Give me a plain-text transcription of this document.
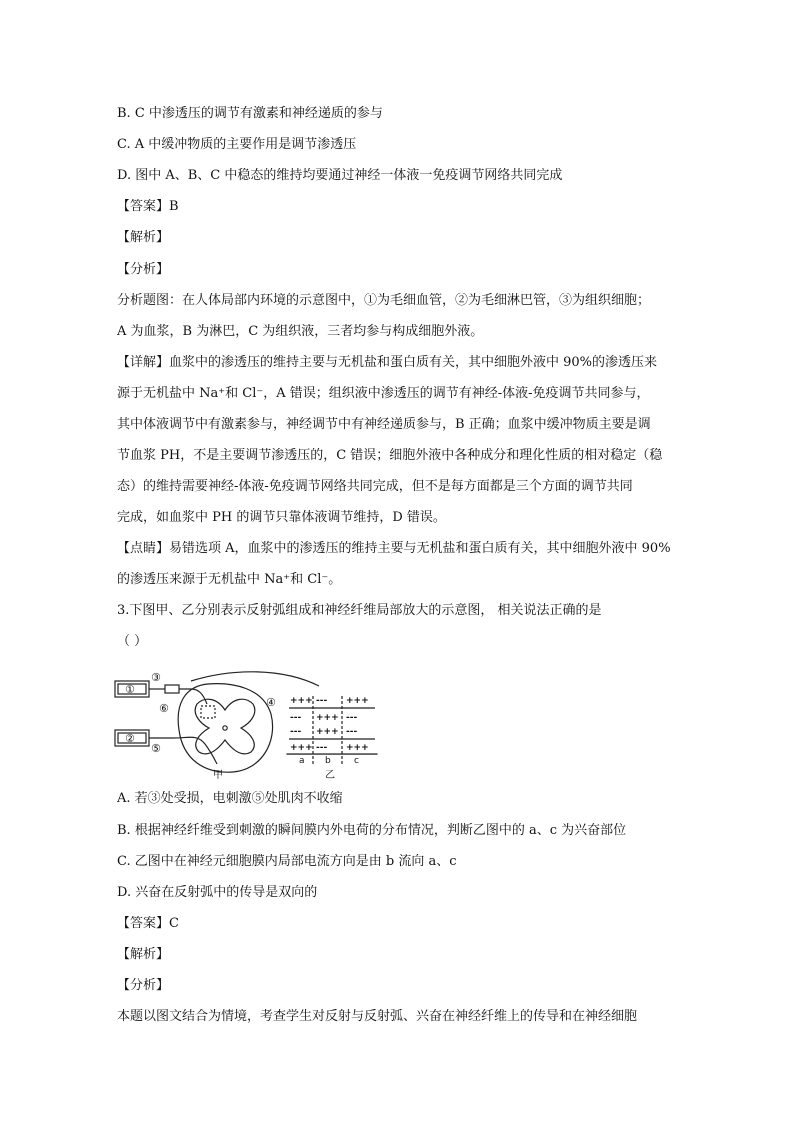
B. C 中渗透压的调节有激素和神经递质的参与
C. A 中缓冲物质的主要作用是调节渗透压
D. 图中 A、B、C 中稳态的维持均要通过神经一体液一免疫调节网络共同完成
【答案】B
【解析】
【分析】
分析题图：在人体局部内环境的示意图中，①为毛细血管，②为毛细淋巴管，③为组织细胞；
A 为血浆，B 为淋巴，C 为组织液，三者均参与构成细胞外液。
【详解】血浆中的渗透压的维持主要与无机盐和蛋白质有关，其中细胞外液中 90%的渗透压来
源于无机盐中 Na⁺和 Cl⁻，A 错误；组织液中渗透压的调节有神经-体液-免疫调节共同参与，
其中体液调节中有激素参与，神经调节中有神经递质参与，B 正确；血浆中缓冲物质主要是调
节血浆 PH，不是主要调节渗透压的，C 错误；细胞外液中各种成分和理化性质的相对稳定（稳
态）的维持需要神经-体液-免疫调节网络共同完成，但不是每方面都是三个方面的调节共同
完成，如血浆中 PH 的调节只靠体液调节维持，D 错误。
【点睛】易错选项 A，血浆中的渗透压的维持主要与无机盐和蛋白质有关，其中细胞外液中 90%
的渗透压来源于无机盐中 Na⁺和 Cl⁻。
3.下图甲、乙分别表示反射弧组成和神经纤维局部放大的示意图， 相关说法正确的是
（ ）
①
②
③
④
⑤
⑥
甲
+++ --- +++
--- +++ ---
--- +++ ---
+++ --- +++
a b	c
乙
A. 若③处受损，电刺激⑤处肌肉不收缩
B. 根据神经纤维受到刺激的瞬间膜内外电荷的分布情况，判断乙图中的 a、c 为兴奋部位
C. 乙图中在神经元细胞膜内局部电流方向是由 b 流向 a、c
D. 兴奋在反射弧中的传导是双向的
【答案】C
【解析】
【分析】
本题以图文结合为情境，考查学生对反射与反射弧、兴奋在神经纤维上的传导和在神经细胞
